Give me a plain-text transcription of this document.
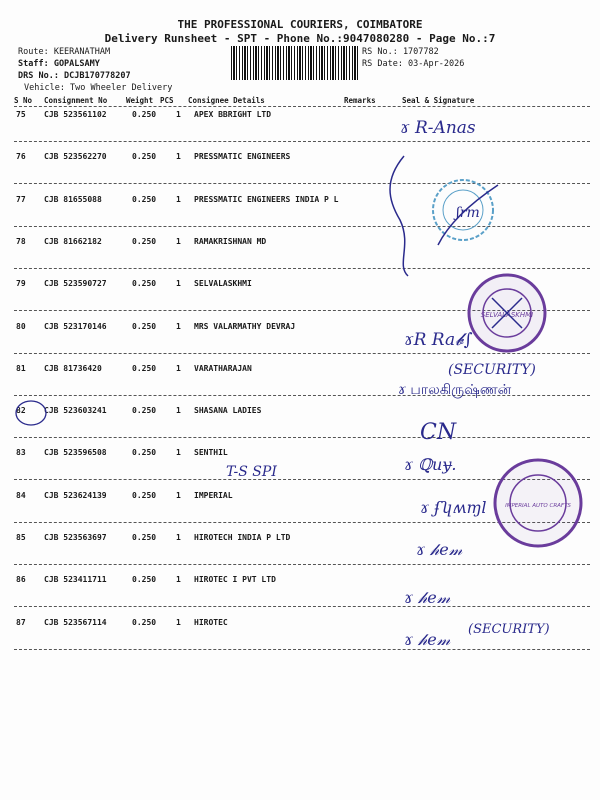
THE PROFESSIONAL COURIERS, COIMBATORE
Delivery Runsheet - SPT - Phone No.:9047080280 - Page No.:7
Route: KEERANATHAM
Staff: GOPALSAMY
DRS No.: DCJB170778207
Vehicle: Two Wheeler Delivery
RS No.: 1707782
RS Date: 03-Apr-2026
S No Consignment No	Weight PCS Consignee Details	Remarks	Seal & Signature
75 CJB 523561102	0.250 1 APEX BBRIGHT LTD
76 CJB 523562270	0.250 1 PRESSMATIC ENGINEERS
77 CJB 81655088	0.250 1 PRESSMATIC ENGINEERS INDIA P L
78 CJB 81662182	0.250 1 RAMAKRISHNAN MD
79 CJB 523590727	0.250 1 SELVALASKHMI
80 CJB 523170146	0.250 1 MRS VALARMATHY DEVRAJ
81 CJB 81736420	0.250 1 VARATHARAJAN
82 CJB 523603241	0.250 1 SHASANA LADIES
83 CJB 523596508	0.250 1 SENTHIL
84 CJB 523624139	0.250 1 IMPERIAL
85 CJB 523563697	0.250 1 HIROTECH INDIA P LTD
86 CJB 523411711	0.250 1 HIROTEC I PVT LTD
87 CJB 523567114	0.250 1 HIROTEC
ɤ R-Anas
ʃrm
SELVALASKHMI
ɤR Ra𝓫∫
(SECURITY)
ɤ பாலகிருஷ்ணன்
CN
T-S SPI	ɤ ℚuɏ.
IMPERIAL AUTO CRAFTS
ɤ ʄʮʍɱl
ɤ 𝒽𝑒𝓂
ɤ 𝒽𝑒𝓂
ɤ 𝒽𝑒𝓂
(SECURITY)
